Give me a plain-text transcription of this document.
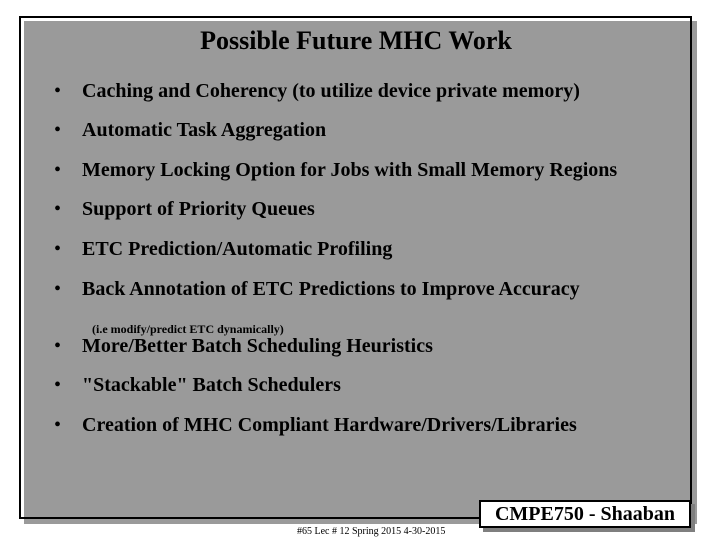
Possible Future MHC Work
• Caching and Coherency (to utilize device private memory)
• Automatic Task Aggregation
• Memory Locking Option for Jobs with Small Memory Regions
• Support of Priority Queues
• ETC Prediction/Automatic Profiling
• Back Annotation of ETC Predictions to Improve Accuracy
(i.e modify/predict ETC dynamically)
• More/Better Batch Scheduling Heuristics
• "Stackable" Batch Schedulers
• Creation of MHC Compliant Hardware/Drivers/Libraries
CMPE750 - Shaaban
#65 Lec # 12 Spring 2015 4-30-2015
